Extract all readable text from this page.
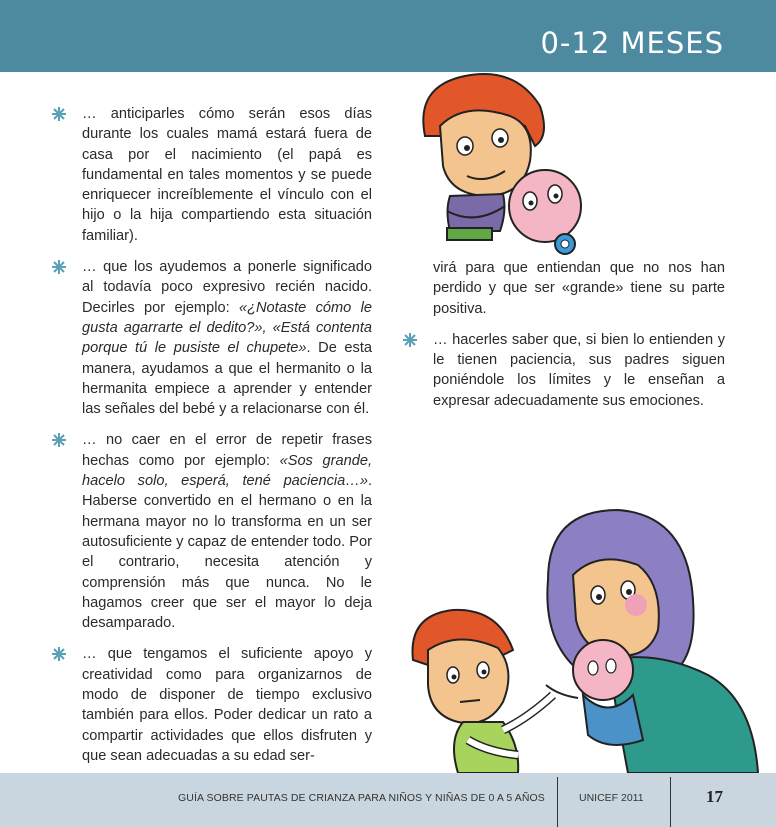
0-12 MESES
… anticiparles cómo serán esos días durante los cuales mamá estará fuera de casa por el nacimiento (el papá es fundamental en tales momentos y se puede enriquecer increíblemente el vínculo con el hijo o la hija compartiendo esta situación familiar).
… que los ayudemos a ponerle significado al todavía poco expresivo recién nacido. Decirles por ejemplo: «¿Notaste cómo le gusta agarrarte el dedito?», «Está contenta porque tú le pusiste el chupete». De esta manera, ayudamos a que el hermanito o la hermanita empiece a aprender y entender las señales del bebé y a relacionarse con él.
… no caer en el error de repetir frases hechas como por ejemplo: «Sos grande, hacelo solo, esperá, tené paciencia…». Haberse convertido en el hermano o en la hermana mayor no lo transforma en un ser autosuficiente y capaz de entender todo. Por el contrario, necesita atención y comprensión más que nunca. No le hagamos creer que ser el mayor lo deja desamparado.
… que tengamos el suficiente apoyo y creatividad como para organizarnos de modo de disponer de tiempo exclusivo también para ellos. Poder dedicar un rato a compartir actividades que ellos disfruten y que sean adecuadas a su edad ser-
virá para que entiendan que no nos han perdido y que ser «grande» tiene su parte positiva.
… hacerles saber que, si bien lo entienden y le tienen paciencia, sus padres siguen poniéndole los límites y le enseñan a expresar adecuadamente sus emociones.
GUÍA SOBRE PAUTAS DE CRIANZA PARA NIÑOS Y NIÑAS DE 0 A 5 AÑOS	UNICEF 2011	17
